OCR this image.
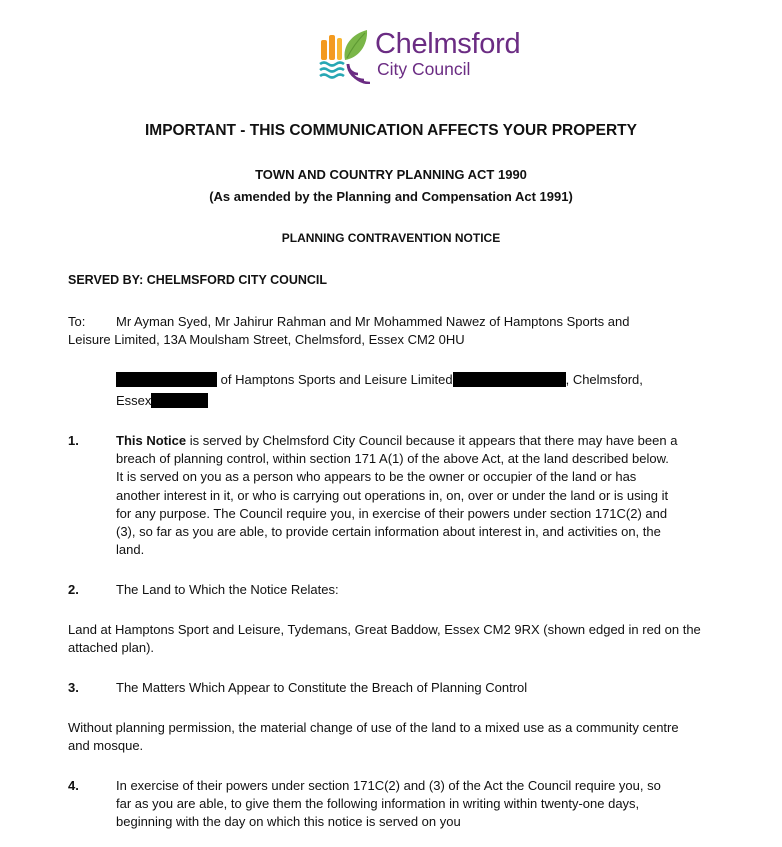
Chelmsford
City Council
IMPORTANT - THIS COMMUNICATION AFFECTS YOUR PROPERTY
TOWN AND COUNTRY PLANNING ACT 1990
(As amended by the Planning and Compensation Act 1991)
PLANNING CONTRAVENTION NOTICE
SERVED BY: CHELMSFORD CITY COUNCIL
To: Mr Ayman Syed, Mr Jahirur Rahman and Mr Mohammed Nawez of Hamptons Sports and
Leisure Limited, 13A Moulsham Street, Chelmsford, Essex CM2 0HU
of Hamptons Sports and Leisure Limited	, Chelmsford,
Essex
1.	This Notice is served by Chelmsford City Council because it appears that there may have been a
breach of planning control, within section 171 A(1) of the above Act, at the land described below.
It is served on you as a person who appears to be the owner or occupier of the land or has
another interest in it, or who is carrying out operations in, on, over or under the land or is using it
for any purpose. The Council require you, in exercise of their powers under section 171C(2) and
(3), so far as you are able, to provide certain information about interest in, and activities on, the
land.
2.	The Land to Which the Notice Relates:
Land at Hamptons Sport and Leisure, Tydemans, Great Baddow, Essex CM2 9RX (shown edged in red on the
attached plan).
3.	The Matters Which Appear to Constitute the Breach of Planning Control
Without planning permission, the material change of use of the land to a mixed use as a community centre
and mosque.
4.	In exercise of their powers under section 171C(2) and (3) of the Act the Council require you, so
far as you are able, to give them the following information in writing within twenty-one days,
beginning with the day on which this notice is served on you
